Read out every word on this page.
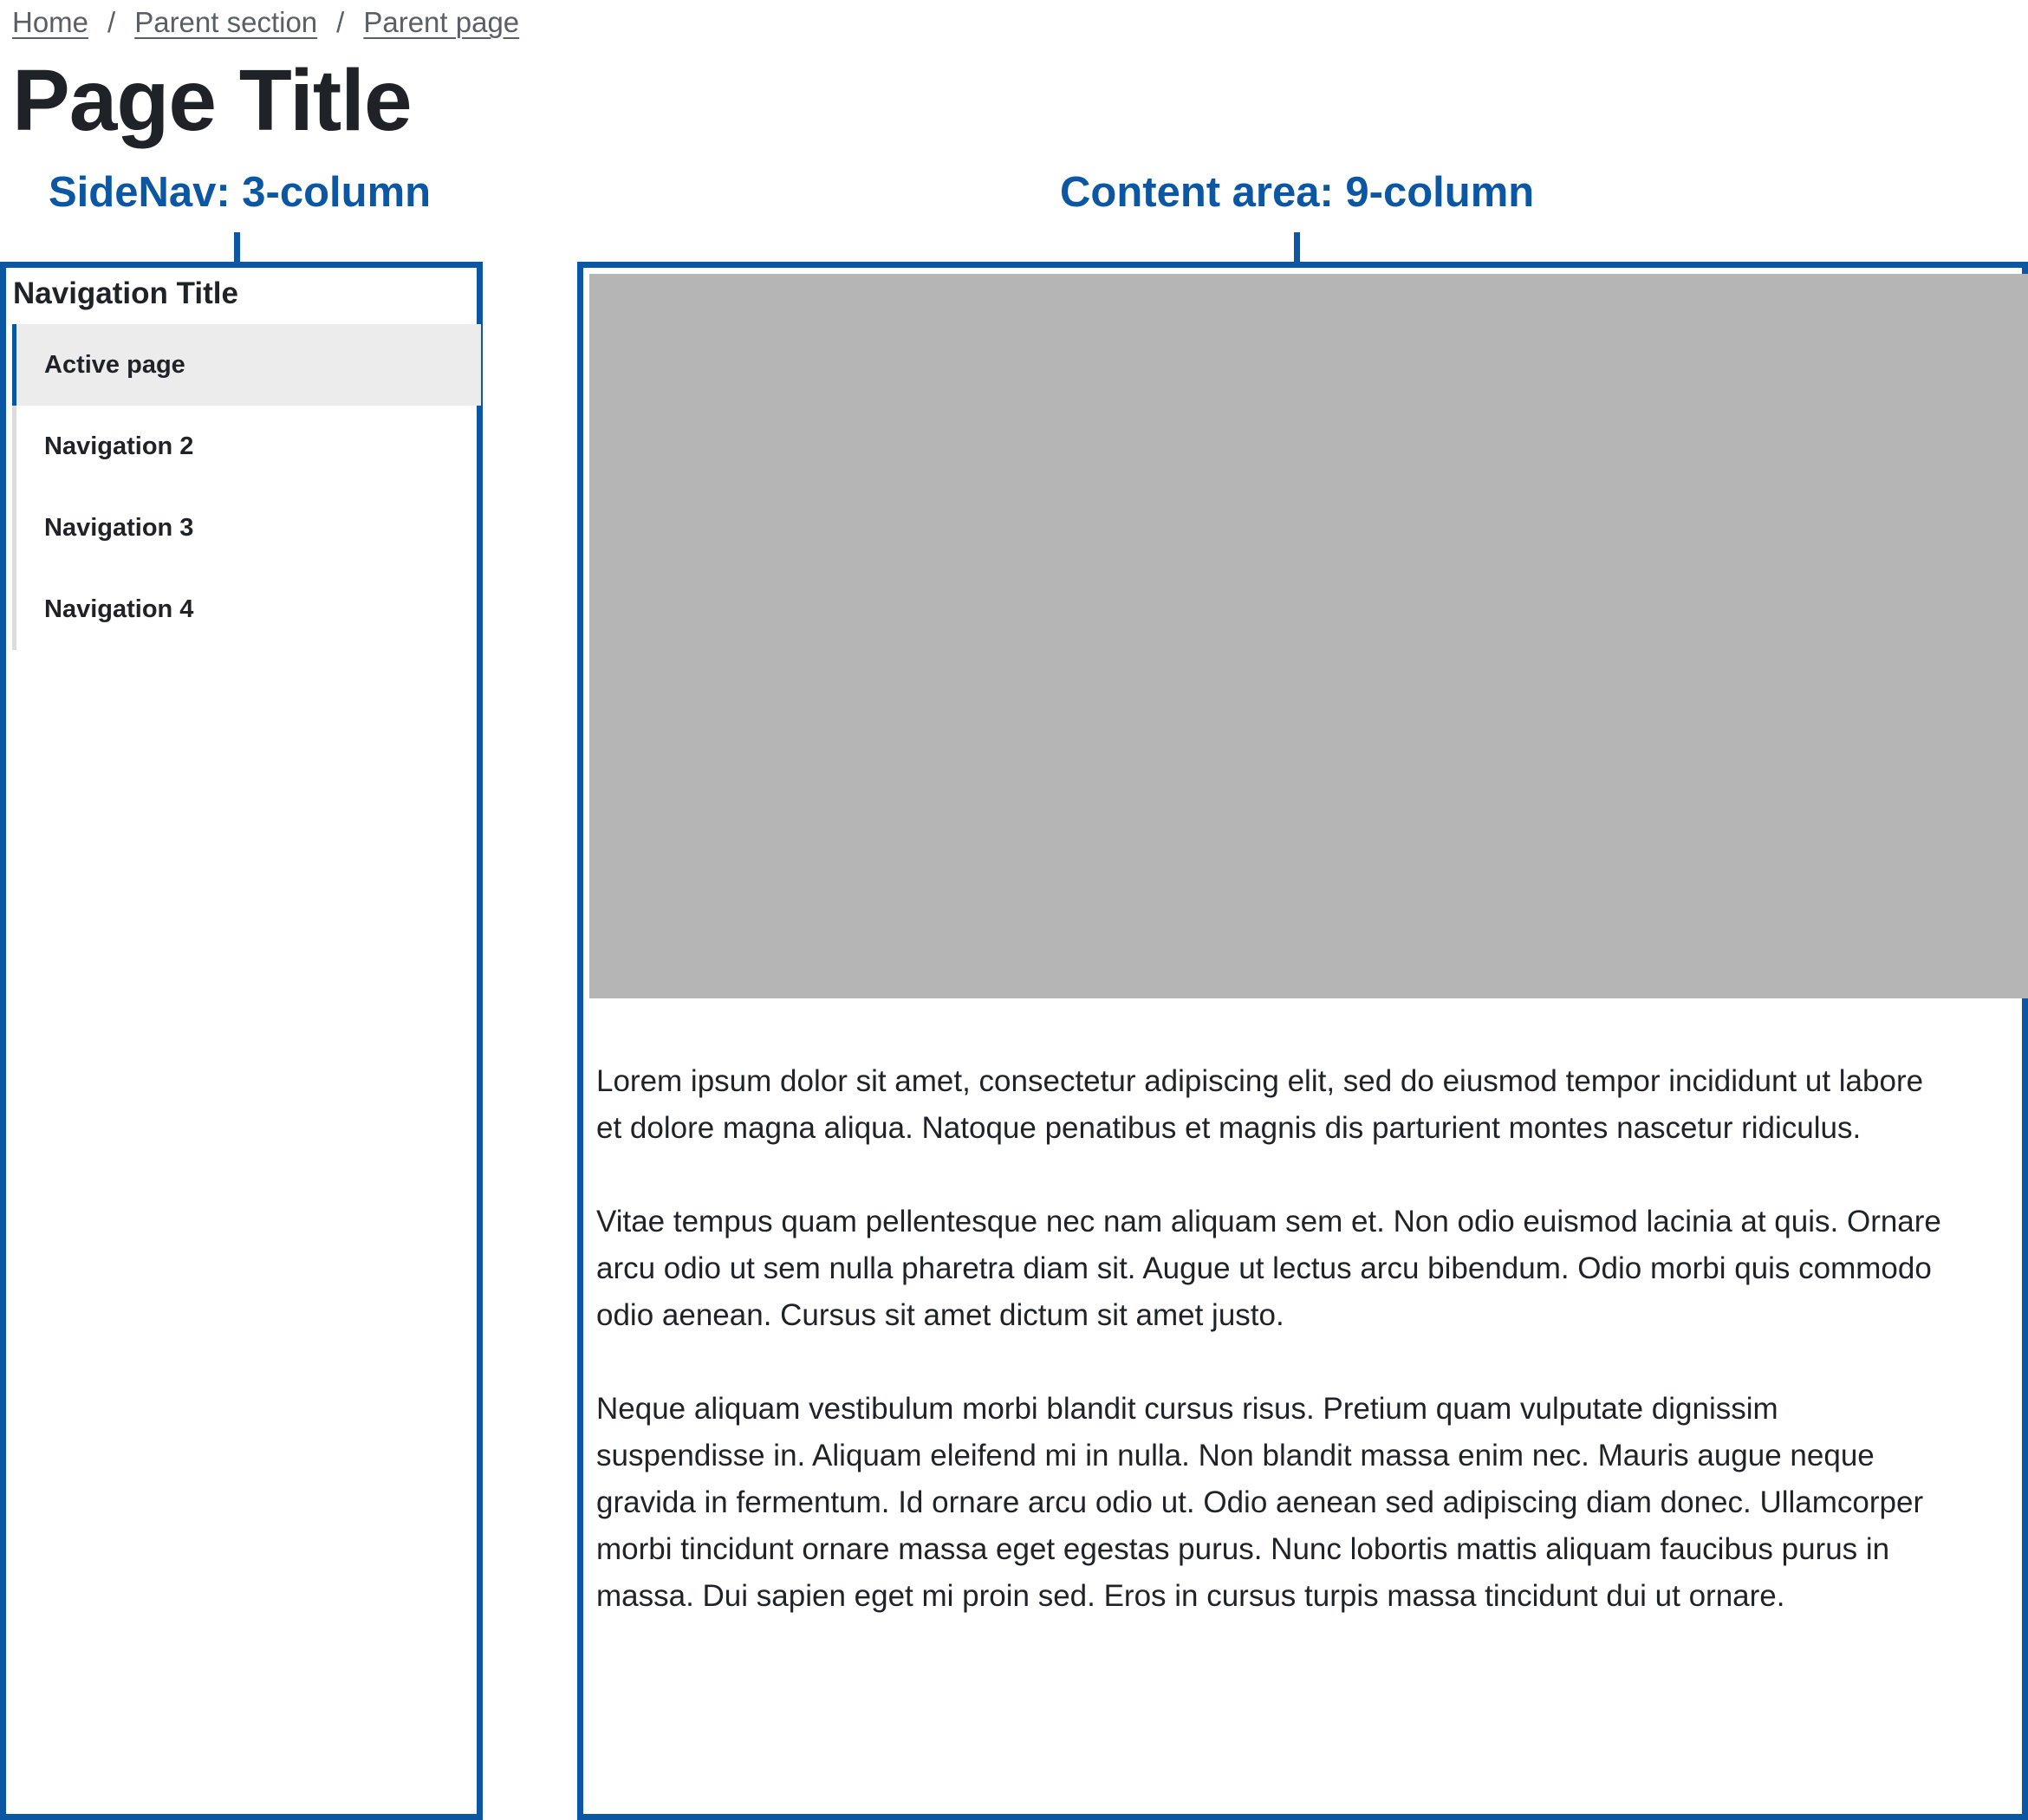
Home / Parent section / Parent page
Page Title
SideNav: 3-column	Content area: 9-column
Navigation Title
Active page
Navigation 2
Navigation 3
Navigation 4

Lorem ipsum dolor sit amet, consectetur adipiscing elit, sed do eiusmod tempor incididunt ut labore et dolore magna aliqua. Natoque penatibus et magnis dis parturient montes nascetur ridiculus.

Vitae tempus quam pellentesque nec nam aliquam sem et. Non odio euismod lacinia at quis. Ornare arcu odio ut sem nulla pharetra diam sit. Augue ut lectus arcu bibendum. Odio morbi quis commodo odio aenean. Cursus sit amet dictum sit amet justo.

Neque aliquam vestibulum morbi blandit cursus risus. Pretium quam vulputate dignissim suspendisse in. Aliquam eleifend mi in nulla. Non blandit massa enim nec. Mauris augue neque gravida in fermentum. Id ornare arcu odio ut. Odio aenean sed adipiscing diam donec. Ullamcorper morbi tincidunt ornare massa eget egestas purus. Nunc lobortis mattis aliquam faucibus purus in massa. Dui sapien eget mi proin sed. Eros in cursus turpis massa tincidunt dui ut ornare.
